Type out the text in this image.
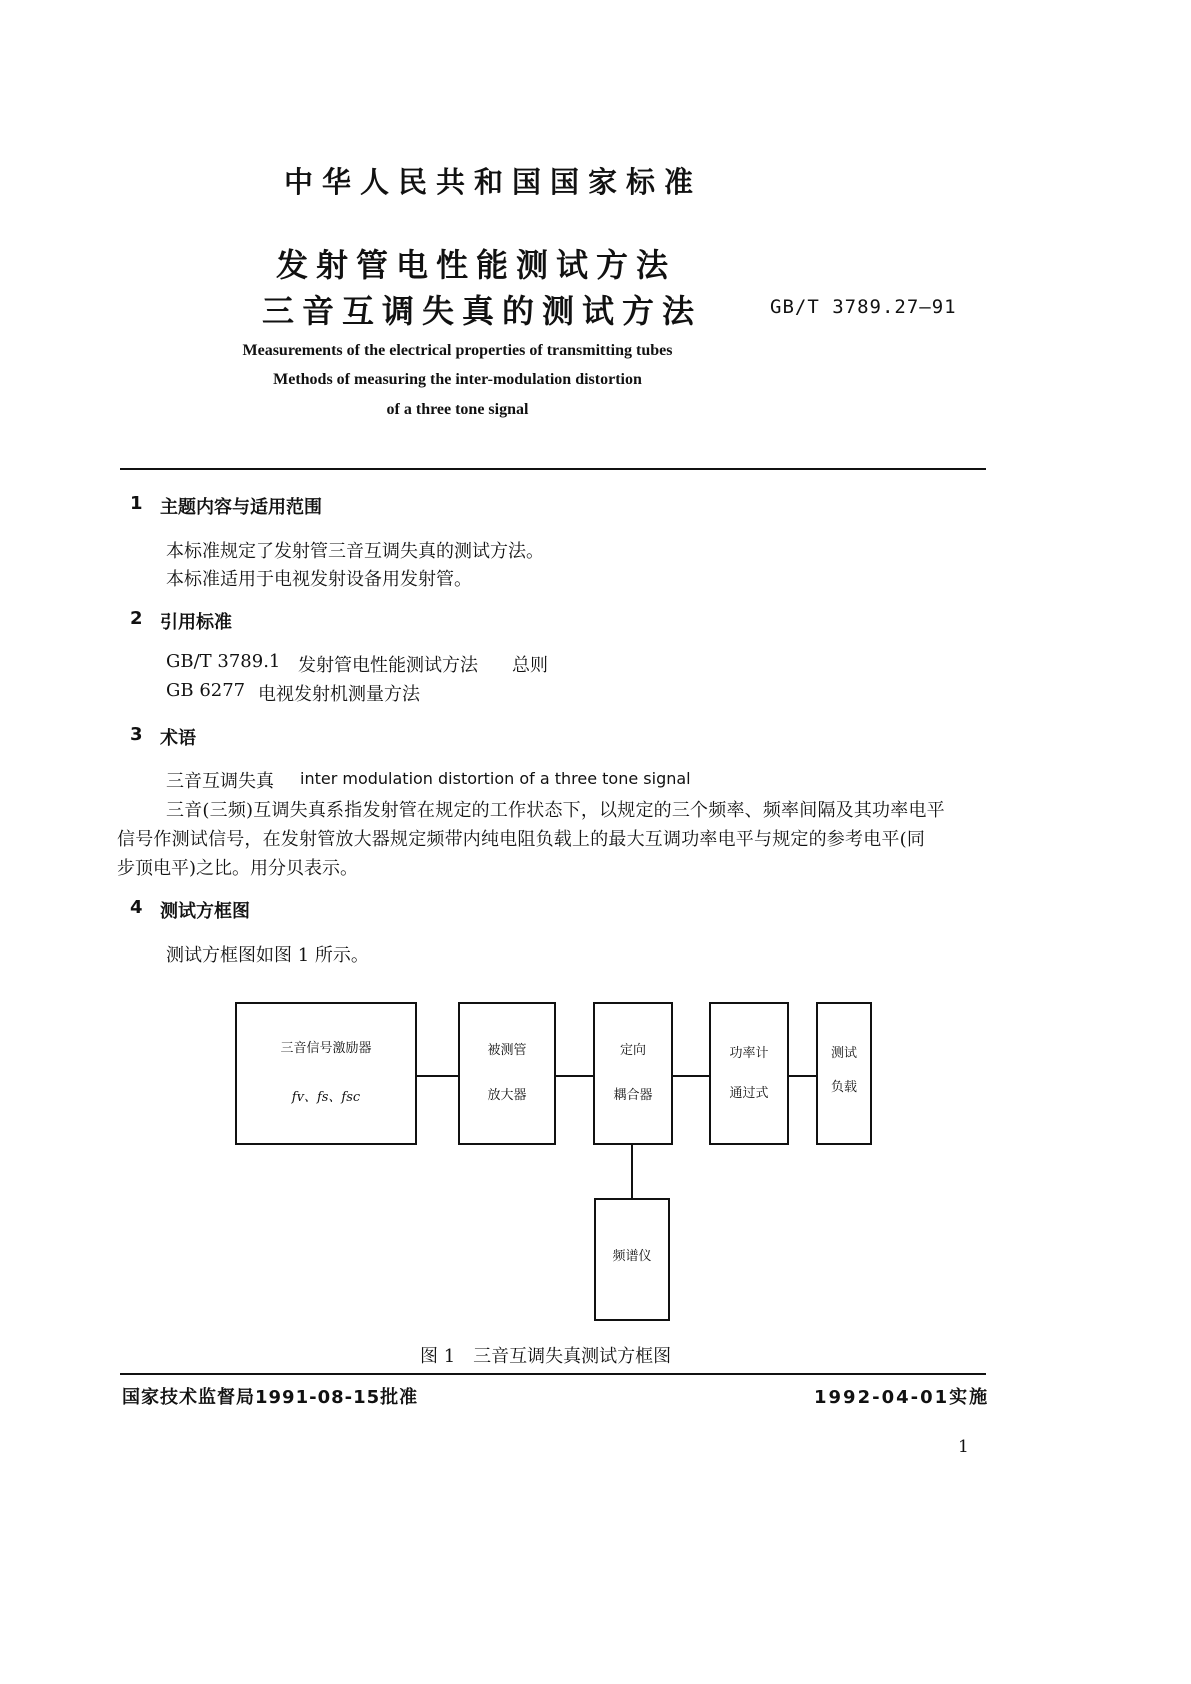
中华人民共和国国家标准
发射管电性能测试方法
三音互调失真的测试方法	GB/T 3789.27—91
Measurements of the electrical properties of transmitting tubes
Methods of measuring the inter-modulation distortion
of a three tone signal
1 主题内容与适用范围
本标准规定了发射管三音互调失真的测试方法。
本标准适用于电视发射设备用发射管。
2 引用标准
GB/T 3789.1 发射管电性能测试方法 总则
GB 6277 电视发射机测量方法
3 术语
三音互调失真 inter modulation distortion of a three tone signal
三音(三频)互调失真系指发射管在规定的工作状态下，以规定的三个频率、频率间隔及其功率电平
信号作测试信号，在发射管放大器规定频带内纯电阻负载上的最大互调功率电平与规定的参考电平(同
步顶电平)之比。用分贝表示。
4 测试方框图
测试方框图如图 1 所示。
三音信号激励器
fᴠ、fs、fsc
被测管
放大器
定向
耦合器
功率计
通过式
测试
负载
频谱仪
图 1　三音互调失真测试方框图
国家技术监督局1991-08-15批准	1992-04-01实施
1
